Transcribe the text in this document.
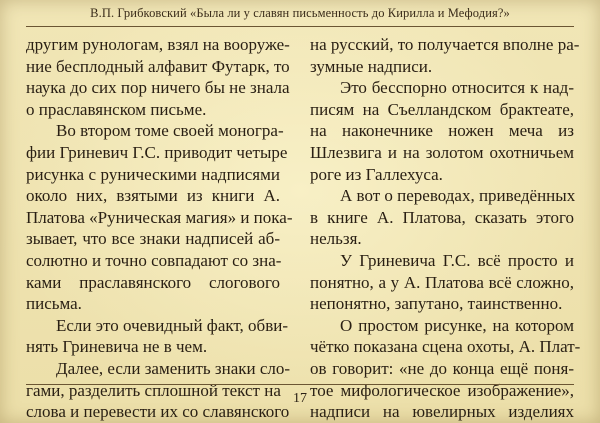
В.П. Грибковский «Была ли у славян письменность до Кирилла и Мефодия?»
другим рунологам, взял на вооруже-
ние бесплодный алфавит Футарк, то
наука до сих пор ничего бы не знала
о праславянском письме.
Во втором томе своей моногра-
фии Гриневич Г.С. приводит четыре
рисунка с руническими надписями
около них, взятыми из книги А.
Платова «Руническая магия» и пока-
зывает, что все знаки надписей аб-
солютно и точно совпадают со зна-
ками праславянского слогового
письма.
Если это очевидный факт, обви-
нять Гриневича не в чем.
Далее, если заменить знаки сло-
гами, разделить сплошной текст на
слова и перевести их со славянского
на русский, то получается вполне ра-
зумные надписи.
Это бесспорно относится к над-
писям на Съелландском брактеате,
на наконечнике ножен меча из
Шлезвига и на золотом охотничьем
роге из Галлехуса.
А вот о переводах, приведённых
в книге А. Платова, сказать этого
нельзя.
У Гриневича Г.С. всё просто и
понятно, а у А. Платова всё сложно,
непонятно, запутано, таинственно.
О простом рисунке, на котором
чётко показана сцена охоты, А. Плат-
ов говорит: «не до конца ещё поня-
тое мифологическое изображение»,
надписи на ювелирных изделиях
17
